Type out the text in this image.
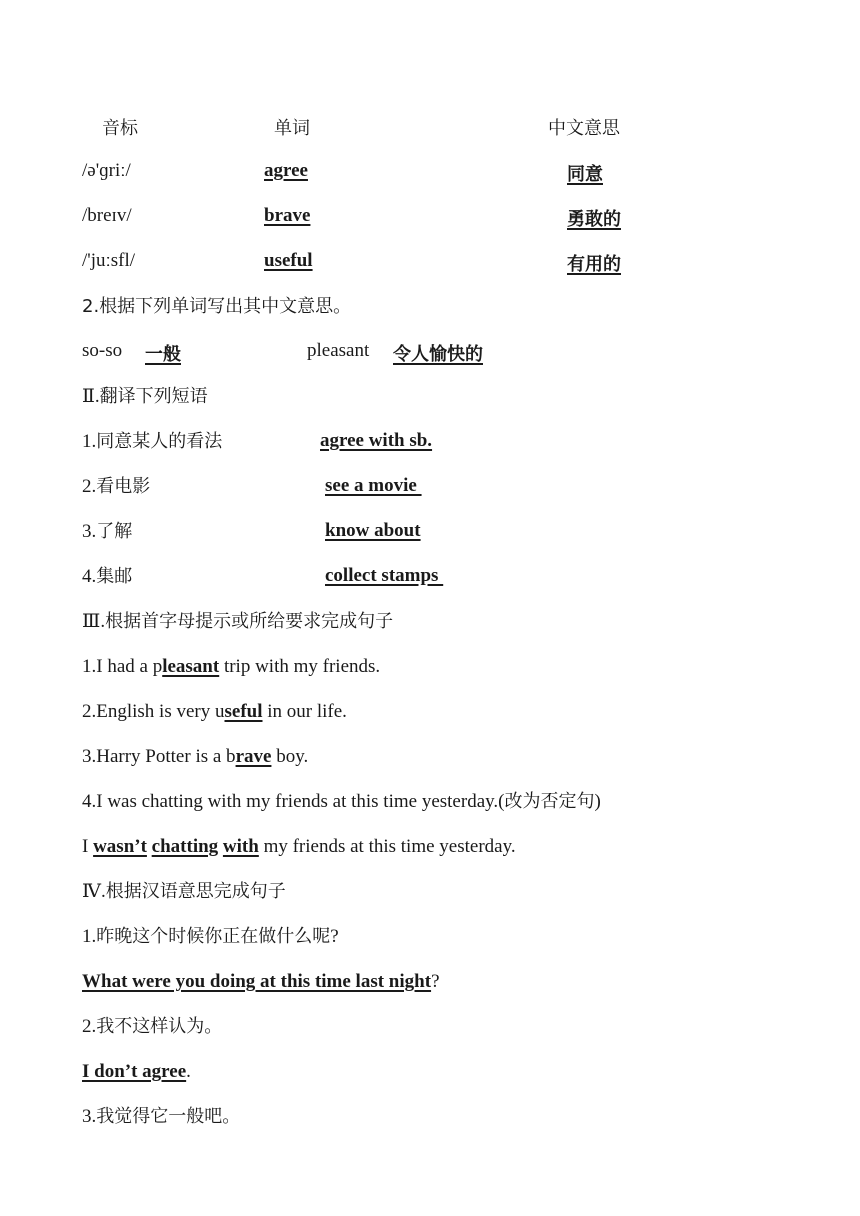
音标	单词	中文意思
/ə'ɡriː/	agree	同意
/breɪv/	brave	勇敢的
/'juːsfl/	useful	有用的
2.根据下列单词写出其中文意思。
so-so 一般	pleasant 令人愉快的
Ⅱ.翻译下列短语
1.同意某人的看法	agree with sb.
2.看电影	see a movie
3.了解	know about
4.集邮	collect stamps
Ⅲ.根据首字母提示或所给要求完成句子
1.I had a pleasant trip with my friends.
2.English is very useful in our life.
3.Harry Potter is a brave boy.
4.I was chatting with my friends at this time yesterday.(改为否定句)
I wasn’t chatting with my friends at this time yesterday.
Ⅳ.根据汉语意思完成句子
1.昨晚这个时候你正在做什么呢?
What were you doing at this time last night?
2.我不这样认为。
I don’t agree.
3.我觉得它一般吧。
